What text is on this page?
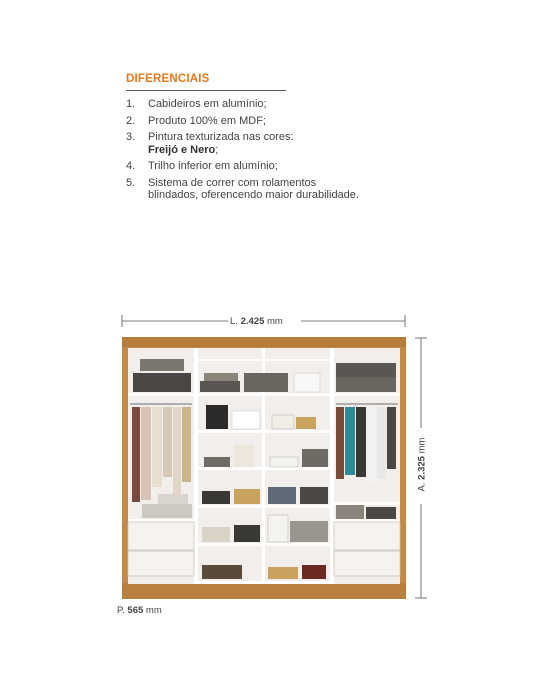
DIFERENCIAIS
1. Cabideiros em alumínio;
2. Produto 100% em MDF;
3. Pintura texturizada nas cores:
Freijó e Nero;
4. Trilho inferior em alumínio;
5. Sistema de correr com rolamentos blindados, oferencendo maior durabilidade.
L. 2.425 mm
A. 2.325 mm
P. 565 mm
